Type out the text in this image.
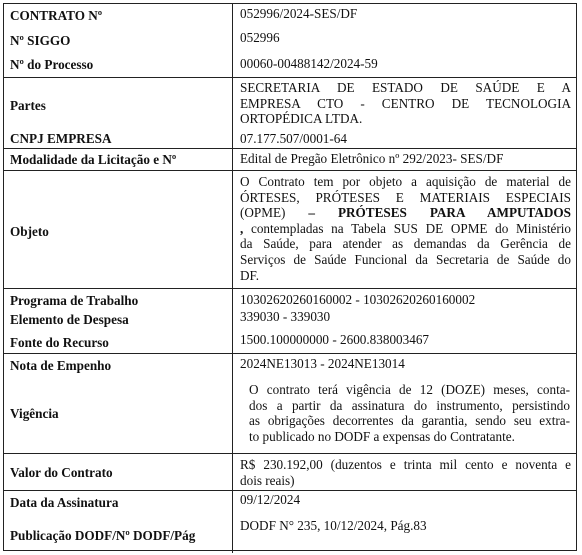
CONTRATO Nº
Nº SIGGO
Nº do Processo
052996/2024-SES/DF
052996
00060-00488142/2024-59
Partes
CNPJ EMPRESA
SECRETARIA DE ESTADO DE SAÚDE E A
EMPRESA CTO - CENTRO DE TECNOLOGIA
ORTOPÉDICA LTDA.
07.177.507/0001-64
Modalidade da Licitação e Nº	Edital de Pregão Eletrônico nº 292/2023- SES/DF
Objeto
O Contrato tem por objeto a aquisição de material de
ÓRTESES, PRÓTESES E MATERIAIS ESPECIAIS
(OPME) – PRÓTESES PARA AMPUTADOS
, contempladas na Tabela SUS DE OPME do Ministério
da Saúde, para atender as demandas da Gerência de
Serviços de Saúde Funcional da Secretaria de Saúde do
DF.
Programa de Trabalho
Elemento de Despesa
Fonte do Recurso
10302620260160002 - 10302620260160002
339030 - 339030
1500.100000000 - 2600.838003467
Nota de Empenho
Vigência
2024NE13013 - 2024NE13014
O contrato terá vigência de 12 (DOZE) meses, conta-
dos a partir da assinatura do instrumento, persistindo
as obrigações decorrentes da garantia, sendo seu extra-
to publicado no DODF a expensas do Contratante.
Valor do Contrato
R$ 230.192,00 (duzentos e trinta mil cento e noventa e
dois reais)
Data da Assinatura
Publicação DODF/Nº DODF/Pág
09/12/2024
DODF N° 235, 10/12/2024, Pág.83
